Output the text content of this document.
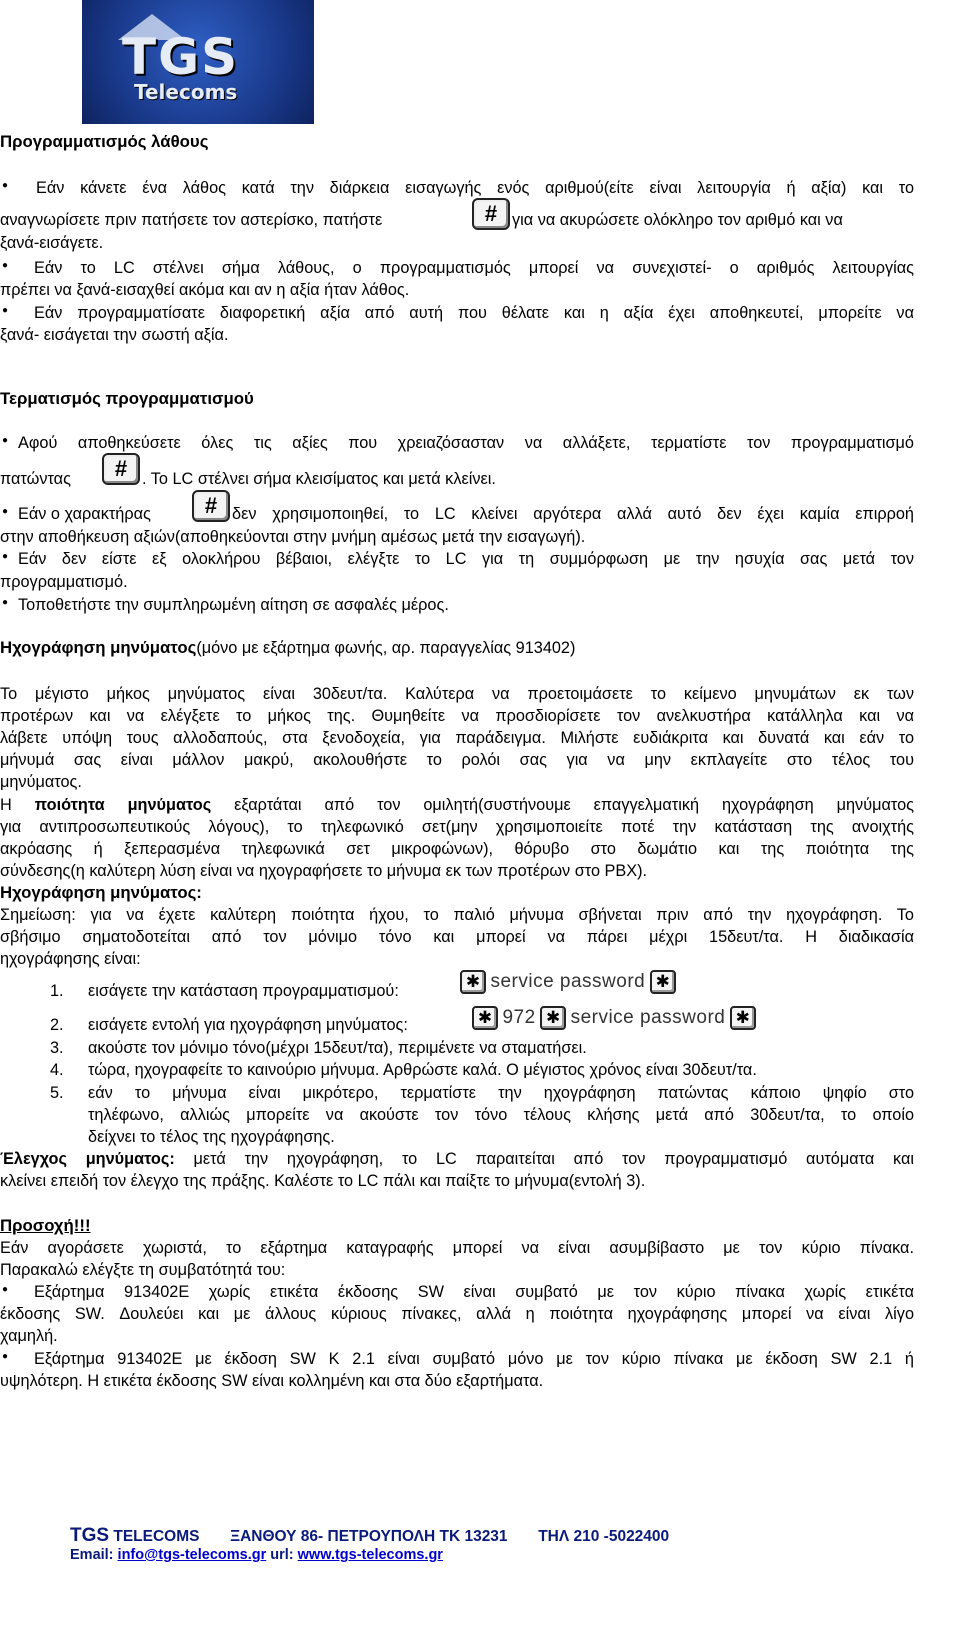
TGS
Telecoms
Προγραμματισμός λάθους
●	Εάν κάνετε ένα λάθος κατά την διάρκεια εισαγωγής ενός αριθμού(είτε είναι λειτουργία ή αξία) και το
αναγνωρίσετε πριν πατήσετε τον αστερίσκο, πατήστε	# για να ακυρώσετε ολόκληρο τον αριθμό και να
ξανά-εισάγετε.
●	Εάν το LC στέλνει σήμα λάθους, ο προγραμματισμός μπορεί να συνεχιστεί- ο αριθμός λειτουργίας
πρέπει να ξανά-εισαχθεί ακόμα και αν η αξία ήταν λάθος.
●	Εάν προγραμματίσατε διαφορετική αξία από αυτή που θέλατε και η αξία έχει αποθηκευτεί, μπορείτε να
ξανά- εισάγεται την σωστή αξία.
Τερματισμός προγραμματισμού
● Αφού αποθηκεύσετε όλες τις αξίες που χρειαζόσασταν να αλλάξετε, τερματίστε τον προγραμματισμό
πατώντας	# . Το LC στέλνει σήμα κλεισίματος και μετά κλείνει.
● Εάν ο χαρακτήρας	# δεν χρησιμοποιηθεί, το LC κλείνει αργότερα αλλά αυτό δεν έχει καμία επιρροή
στην αποθήκευση αξιών(αποθηκεύονται στην μνήμη αμέσως μετά την εισαγωγή).
● Εάν δεν είστε εξ ολοκλήρου βέβαιοι, ελέγξτε το LC για τη συμμόρφωση με την ησυχία σας μετά τον
προγραμματισμό.
● Τοποθετήστε την συμπληρωμένη αίτηση σε ασφαλές μέρος.
Ηχογράφηση μηνύματος(μόνο με εξάρτημα φωνής, αρ. παραγγελίας 913402)
Το μέγιστο μήκος μηνύματος είναι 30δευτ/τα. Καλύτερα να προετοιμάσετε το κείμενο μηνυμάτων εκ των
προτέρων και να ελέγξετε το μήκος της. Θυμηθείτε να προσδιορίσετε τον ανελκυστήρα κατάλληλα και να
λάβετε υπόψη τους αλλοδαπούς, στα ξενοδοχεία, για παράδειγμα. Μιλήστε ευδιάκριτα και δυνατά και εάν το
μήνυμά σας είναι μάλλον μακρύ, ακολουθήστε το ρολόι σας για να μην εκπλαγείτε στο τέλος του
μηνύματος.
Η ποιότητα μηνύματος εξαρτάται από τον ομιλητή(συστήνουμε επαγγελματική ηχογράφηση μηνύματος
για αντιπροσωπευτικούς λόγους), το τηλεφωνικό σετ(μην χρησιμοποιείτε ποτέ την κατάσταση της ανοιχτής
ακρόασης ή ξεπερασμένα τηλεφωνικά σετ μικροφώνων), θόρυβο στο δωμάτιο και της ποιότητα της
σύνδεσης(η καλύτερη λύση είναι να ηχογραφήσετε το μήνυμα εκ των προτέρων στο PBX).
Ηχογράφηση μηνύματος:
Σημείωση: για να έχετε καλύτερη ποιότητα ήχου, το παλιό μήνυμα σβήνεται πριν από την ηχογράφηση. Το
σβήσιμο σηματοδοτείται από τον μόνιμο τόνο και μπορεί να πάρει μέχρι 15δευτ/τα. Η διαδικασία
ηχογράφησης είναι:
1. εισάγετε την κατάσταση προγραμματισμού:	✱ service password ✱
2. εισάγετε εντολή για ηχογράφηση μηνύματος:	✱ 972 ✱ service password ✱
3. ακούστε τον μόνιμο τόνο(μέχρι 15δευτ/τα), περιμένετε να σταματήσει.
4. τώρα, ηχογραφείτε το καινούριο μήνυμα. Αρθρώστε καλά. Ο μέγιστος χρόνος είναι 30δευτ/τα.
5. εάν το μήνυμα είναι μικρότερο, τερματίστε την ηχογράφηση πατώντας κάποιο ψηφίο στο
τηλέφωνο, αλλιώς μπορείτε να ακούστε τον τόνο τέλους κλήσης μετά από 30δευτ/τα, το οποίο
δείχνει το τέλος της ηχογράφησης.
Έλεγχος μηνύματος: μετά την ηχογράφηση, το LC παραιτείται από τον προγραμματισμό αυτόματα και
κλείνει επειδή τον έλεγχο της πράξης. Καλέστε το LC πάλι και παίξτε το μήνυμα(εντολή 3).
Προσοχή!!!
Εάν αγοράσετε χωριστά, το εξάρτημα καταγραφής μπορεί να είναι ασυμβίβαστο με τον κύριο πίνακα.
Παρακαλώ ελέγξτε τη συμβατότητά του:
● Εξάρτημα 913402E χωρίς ετικέτα έκδοσης SW είναι συμβατό με τον κύριο πίνακα χωρίς ετικέτα
έκδοσης SW. Δουλεύει και με άλλους κύριους πίνακες, αλλά η ποιότητα ηχογράφησης μπορεί να είναι λίγο
χαμηλή.
● Εξάρτημα 913402E με έκδοση SW K 2.1 είναι συμβατό μόνο με τον κύριο πίνακα με έκδοση SW 2.1 ή
υψηλότερη. Η ετικέτα έκδοσης SW είναι κολλημένη και στα δύο εξαρτήματα.
TGS TELECOMS ΞΑΝΘΟΥ 86- ΠΕΤΡΟΥΠΟΛΗ ΤΚ 13231 ΤΗΛ 210 -5022400
Email: info@tgs-telecoms.gr url: www.tgs-telecoms.gr
